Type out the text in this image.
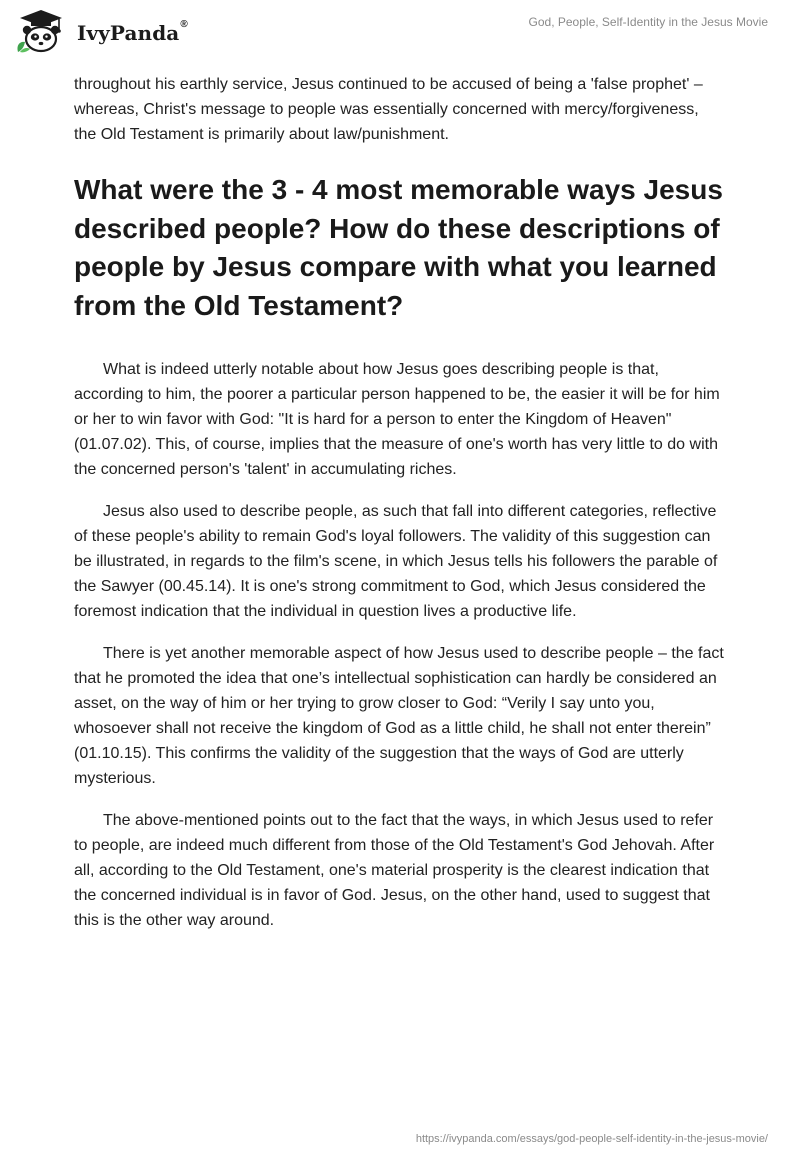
IvyPanda®	God, People, Self-Identity in the Jesus Movie

throughout his earthly service, Jesus continued to be accused of being a 'false prophet' – whereas, Christ's message to people was essentially concerned with mercy/forgiveness, the Old Testament is primarily about law/punishment.

What were the 3 - 4 most memorable ways Jesus described people? How do these descriptions of people by Jesus compare with what you learned from the Old Testament?

What is indeed utterly notable about how Jesus goes describing people is that, according to him, the poorer a particular person happened to be, the easier it will be for him or her to win favor with God: "It is hard for a person to enter the Kingdom of Heaven" (01.07.02). This, of course, implies that the measure of one's worth has very little to do with the concerned person's 'talent' in accumulating riches.

Jesus also used to describe people, as such that fall into different categories, reflective of these people's ability to remain God's loyal followers. The validity of this suggestion can be illustrated, in regards to the film's scene, in which Jesus tells his followers the parable of the Sawyer (00.45.14). It is one's strong commitment to God, which Jesus considered the foremost indication that the individual in question lives a productive life.

There is yet another memorable aspect of how Jesus used to describe people – the fact that he promoted the idea that one’s intellectual sophistication can hardly be considered an asset, on the way of him or her trying to grow closer to God: “Verily I say unto you, whosoever shall not receive the kingdom of God as a little child, he shall not enter therein” (01.10.15). This confirms the validity of the suggestion that the ways of God are utterly mysterious.

The above-mentioned points out to the fact that the ways, in which Jesus used to refer to people, are indeed much different from those of the Old Testament's God Jehovah. After all, according to the Old Testament, one's material prosperity is the clearest indication that the concerned individual is in favor of God. Jesus, on the other hand, used to suggest that this is the other way around.

https://ivypanda.com/essays/god-people-self-identity-in-the-jesus-movie/
